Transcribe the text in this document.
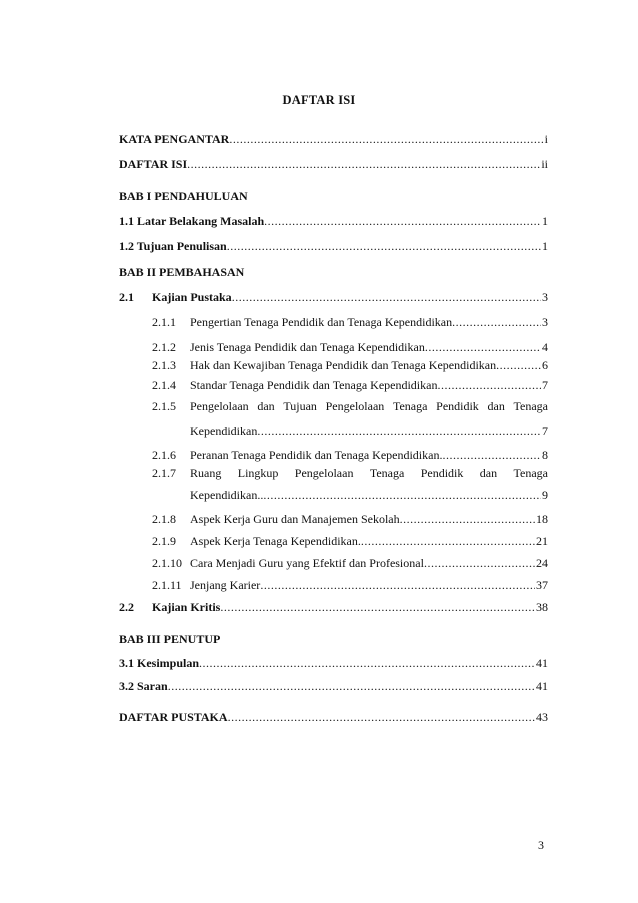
DAFTAR ISI
KATA PENGANTAR .....	i
DAFTAR ISI .....	ii
BAB I PENDAHULUAN
1.1 Latar Belakang Masalah .....	1
1.2 Tujuan Penulisan .....	1
BAB II PEMBAHASAN
2.1	Kajian Pustaka .....	3
2.1.1	Pengertian Tenaga Pendidik dan Tenaga Kependidikan .....	3
2.1.2	Jenis Tenaga Pendidik dan Tenaga Kependidikan .....	4
2.1.3	Hak dan Kewajiban Tenaga Pendidik dan Tenaga Kependidikan .....	6
2.1.4	Standar Tenaga Pendidik dan Tenaga Kependidikan .....	7
2.1.5	Pengelolaan dan Tujuan Pengelolaan Tenaga Pendidik dan Tenaga
Kependidikan .....	7
2.1.6	Peranan Tenaga Pendidik dan Tenaga Kependidikan. .....	8
2.1.7	Ruang Lingkup Pengelolaan Tenaga Pendidik dan Tenaga
Kependidikan.. .....	9
2.1.8	Aspek Kerja Guru dan Manajemen Sekolah .....	18
2.1.9	Aspek Kerja Tenaga Kependidikan. .....	21
2.1.10 Cara Menjadi Guru yang Efektif dan Profesional .....	24
2.1.11 Jenjang Karier .....	37
2.2	Kajian Kritis .....	38
BAB III PENUTUP
3.1 Kesimpulan .....	41
3.2 Saran .....	41
DAFTAR PUSTAKA .....	43
3
